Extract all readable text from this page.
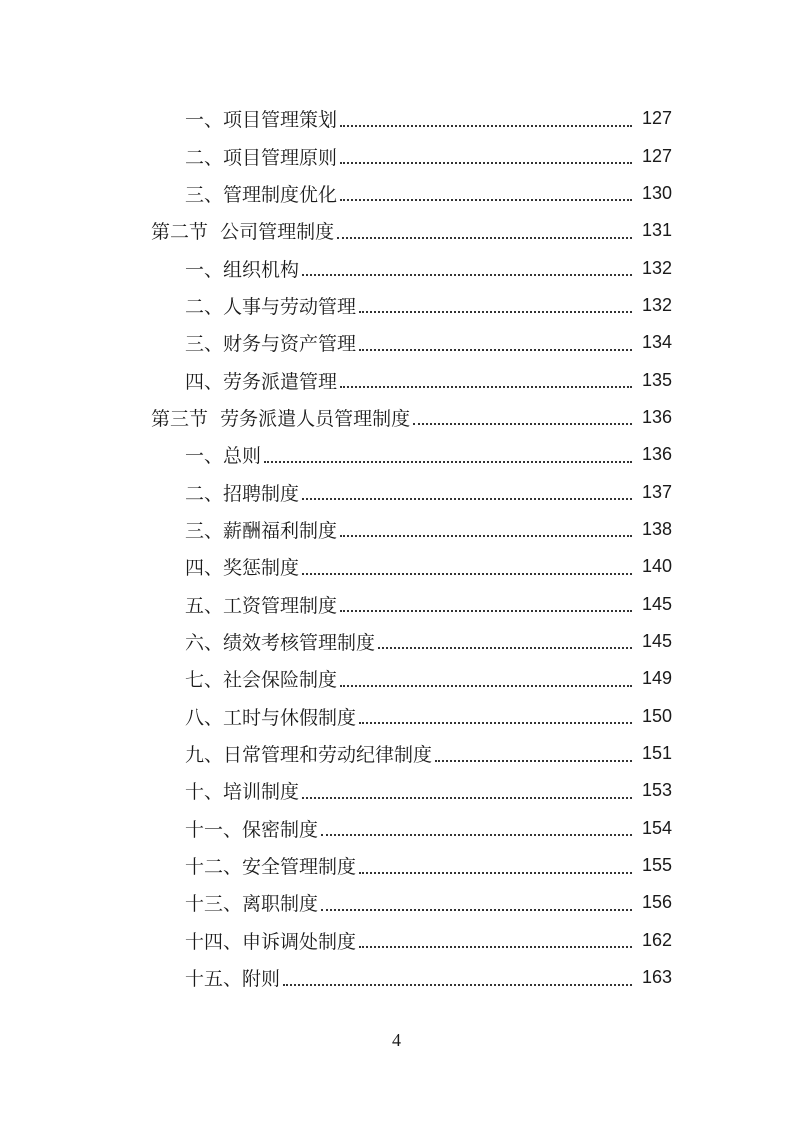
一、项目管理策划	127
二、项目管理原则	127
三、管理制度优化	130
第二节  公司管理制度	131
一、组织机构	132
二、人事与劳动管理	132
三、财务与资产管理	134
四、劳务派遣管理	135
第三节  劳务派遣人员管理制度	136
一、总则	136
二、招聘制度	137
三、薪酬福利制度	138
四、奖惩制度	140
五、工资管理制度	145
六、绩效考核管理制度	145
七、社会保险制度	149
八、工时与休假制度	150
九、日常管理和劳动纪律制度	151
十、培训制度	153
十一、保密制度	154
十二、安全管理制度	155
十三、离职制度	156
十四、申诉调处制度	162
十五、附则	163
4
